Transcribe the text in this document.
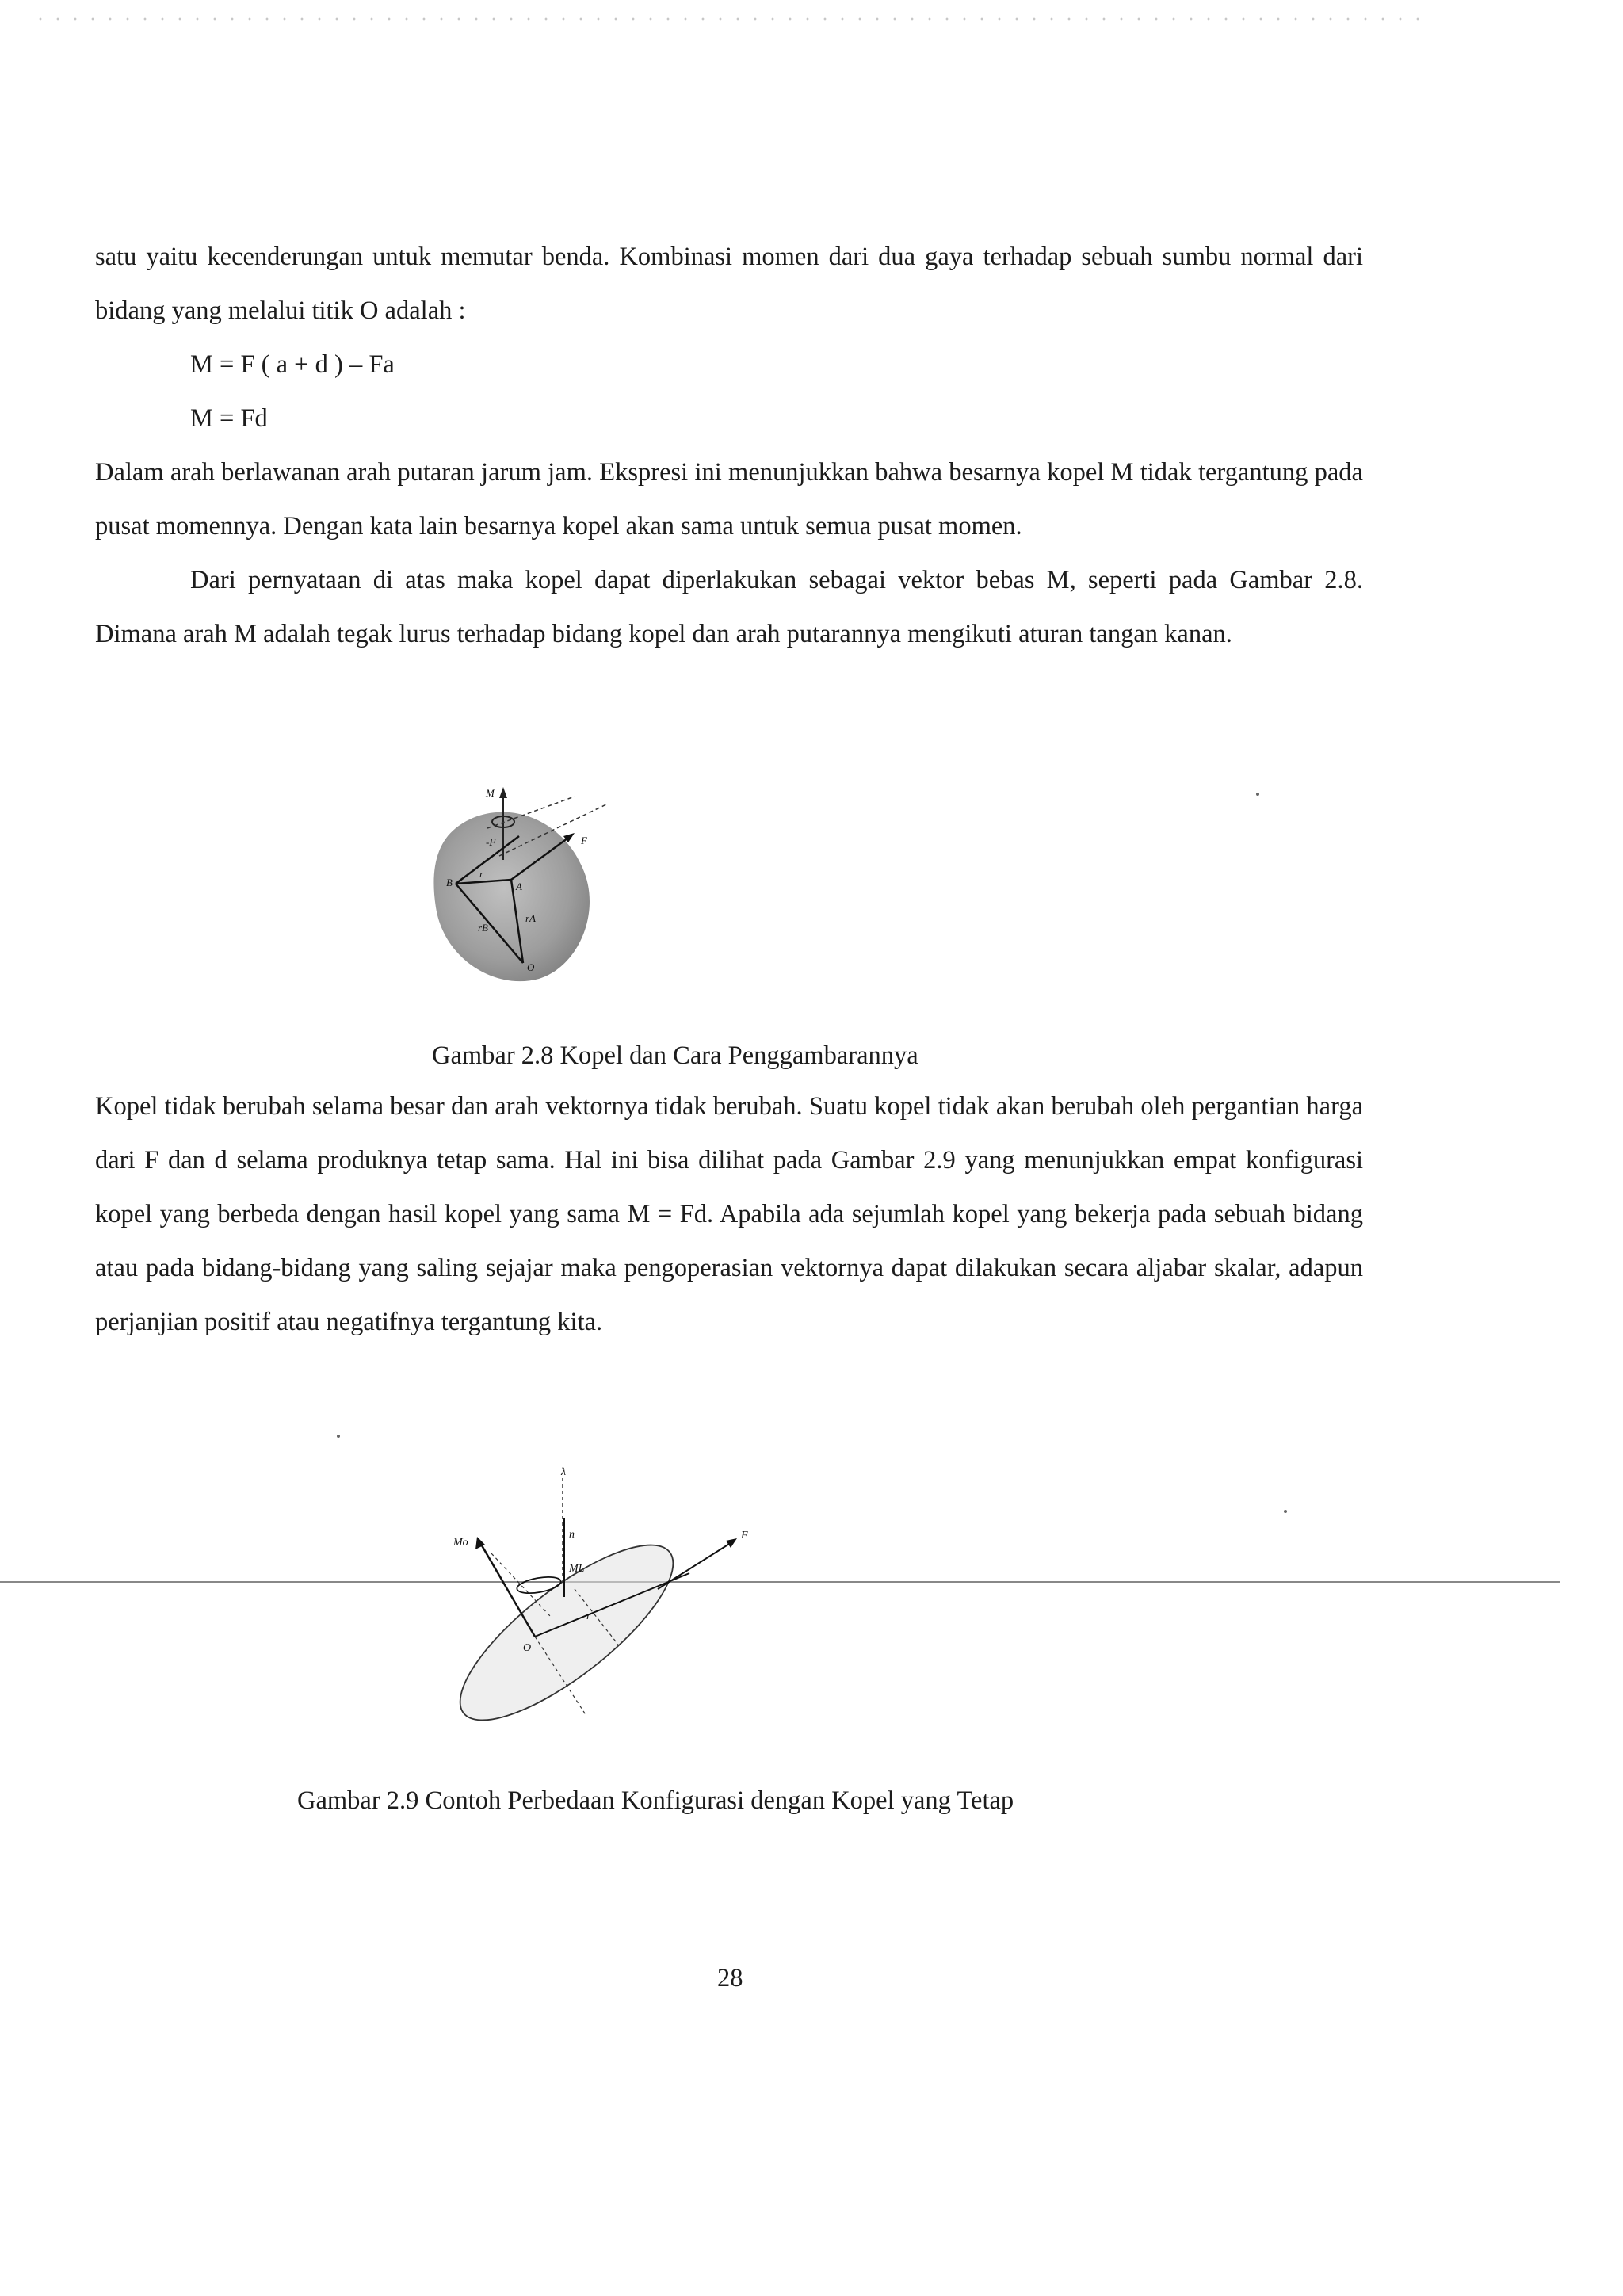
satu yaitu kecenderungan untuk memutar benda. Kombinasi momen dari dua gaya terhadap sebuah sumbu normal dari bidang yang melalui titik O adalah :

M = F ( a + d ) – Fa

M = Fd

Dalam arah berlawanan arah putaran jarum jam. Ekspresi ini menunjukkan bahwa besarnya kopel M tidak tergantung pada pusat momennya. Dengan kata lain besarnya kopel akan sama untuk semua pusat momen.

Dari pernyataan di atas maka kopel dapat diperlakukan sebagai vektor bebas M, seperti pada Gambar 2.8. Dimana arah M adalah tegak lurus terhadap bidang kopel dan arah putarannya mengikuti aturan tangan kanan.

M
-F	F
B
r
A
rB
rA
O
Gambar 2.8 Kopel dan Cara Penggambarannya

Kopel tidak berubah selama besar dan arah vektornya tidak berubah. Suatu kopel tidak akan berubah oleh pergantian harga dari F dan d selama produknya tetap sama. Hal ini bisa dilihat pada Gambar 2.9 yang menunjukkan empat konfigurasi kopel yang berbeda dengan hasil kopel yang sama M = Fd. Apabila ada sejumlah kopel yang bekerja pada sebuah bidang atau pada bidang-bidang yang saling sejajar maka pengoperasian vektornya dapat dilakukan secara aljabar skalar, adapun perjanjian positif atau negatifnya tergantung kita.

λ
Mo
n
ML
F
r
O
Gambar 2.9 Contoh Perbedaan Konfigurasi dengan Kopel yang Tetap
28
